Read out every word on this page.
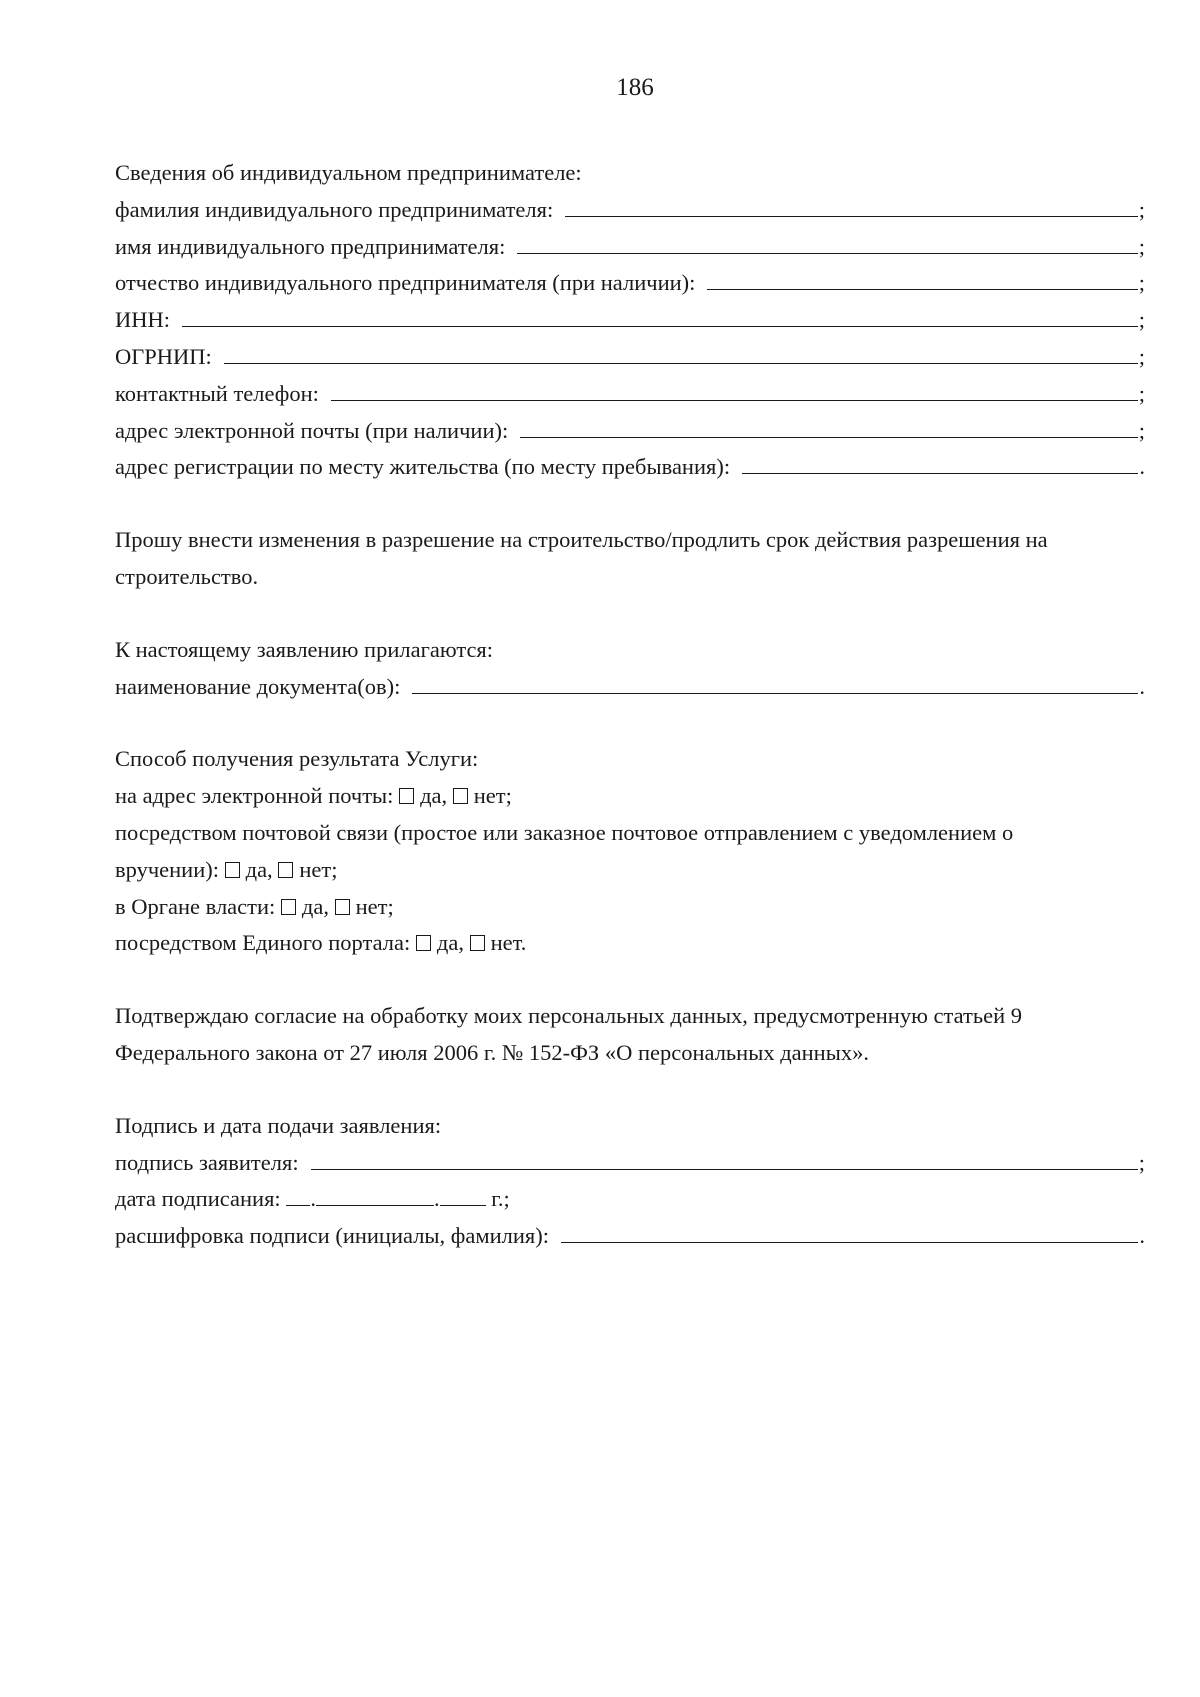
186
Сведения об индивидуальном предпринимателе:
фамилия индивидуального предпринимателя:	;
имя индивидуального предпринимателя:	;
отчество индивидуального предпринимателя (при наличии):	;
ИНН:	;
ОГРНИП:	;
контактный телефон:	;
адрес электронной почты (при наличии):	;
адрес регистрации по месту жительства (по месту пребывания):	.
Прошу внести изменения в разрешение на строительство/продлить срок действия разрешения на
строительство.
К настоящему заявлению прилагаются:
наименование документа(ов):	.
Способ получения результата Услуги:
на адрес электронной почты: да, нет;
посредством почтовой связи (простое или заказное почтовое отправлением с уведомлением о
вручении): да, нет;
в Органе власти: да, нет;
посредством Единого портала: да, нет.
Подтверждаю согласие на обработку моих персональных данных, предусмотренную статьей 9
Федерального закона от 27 июля 2006 г. № 152-ФЗ «О персональных данных».
Подпись и дата подачи заявления:
подпись заявителя:	;
дата подписания: .	. г.;
расшифровка подписи (инициалы, фамилия):	.
